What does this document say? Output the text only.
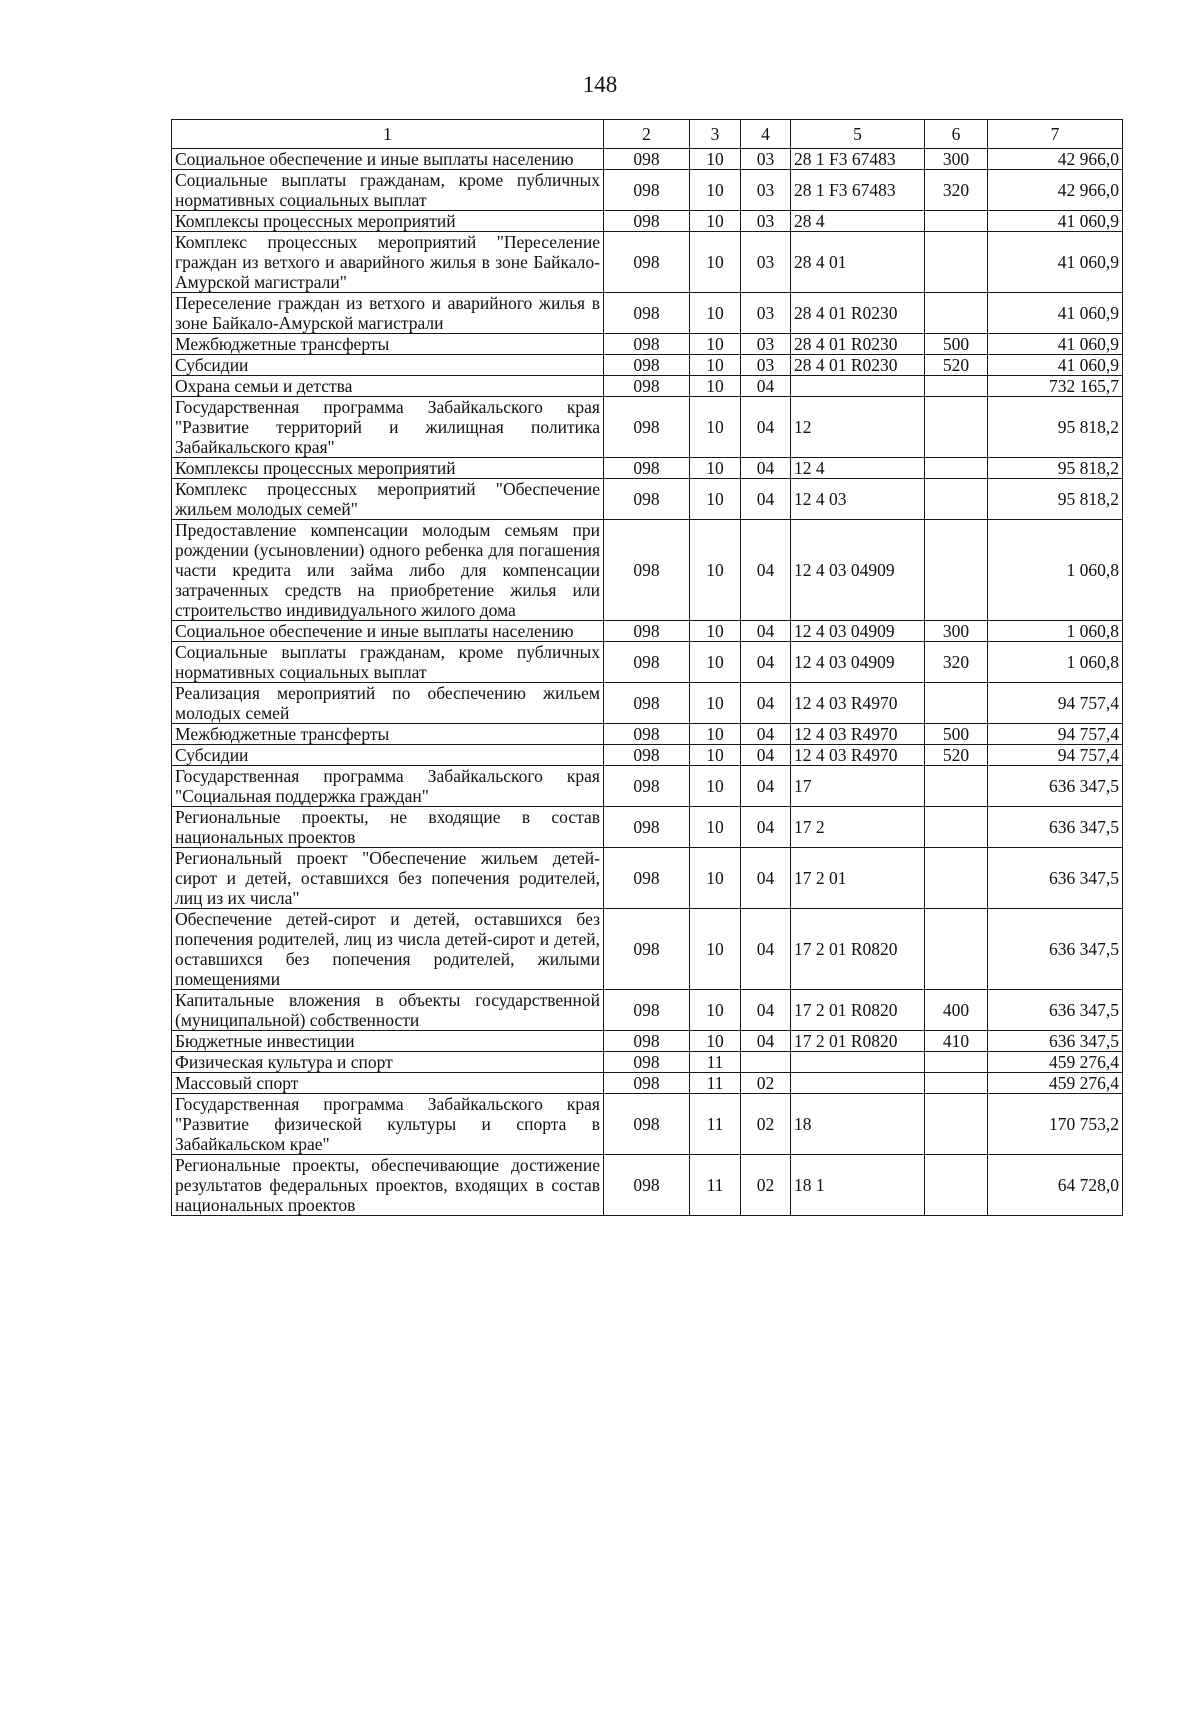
148
1	2	3	4	5	6	7
Социальное обеспечение и иные выплаты населению	098	10	03	28 1 F3 67483	300	42 966,0
Социальные выплаты гражданам, кроме публичных нормативных социальных выплат	098	10	03	28 1 F3 67483	320	42 966,0
Комплексы процессных мероприятий	098	10	03	28 4		41 060,9
Комплекс процессных мероприятий "Переселение граждан из ветхого и аварийного жилья в зоне Байкало-Амурской магистрали"	098	10	03	28 4 01		41 060,9
Переселение граждан из ветхого и аварийного жилья в зоне Байкало-Амурской магистрали	098	10	03	28 4 01 R0230		41 060,9
Межбюджетные трансферты	098	10	03	28 4 01 R0230	500	41 060,9
Субсидии	098	10	03	28 4 01 R0230	520	41 060,9
Охрана семьи и детства	098	10	04			732 165,7
Государственная программа Забайкальского края "Развитие территорий и жилищная политика Забайкальского края"	098	10	04	12		95 818,2
Комплексы процессных мероприятий	098	10	04	12 4		95 818,2
Комплекс процессных мероприятий "Обеспечение жильем молодых семей"	098	10	04	12 4 03		95 818,2
Предоставление компенсации молодым семьям при рождении (усыновлении) одного ребенка для погашения части кредита или займа либо для компенсации затраченных средств на приобретение жилья или строительство индивидуального жилого дома	098	10	04	12 4 03 04909		1 060,8
Социальное обеспечение и иные выплаты населению	098	10	04	12 4 03 04909	300	1 060,8
Социальные выплаты гражданам, кроме публичных нормативных социальных выплат	098	10	04	12 4 03 04909	320	1 060,8
Реализация мероприятий по обеспечению жильем молодых семей	098	10	04	12 4 03 R4970		94 757,4
Межбюджетные трансферты	098	10	04	12 4 03 R4970	500	94 757,4
Субсидии	098	10	04	12 4 03 R4970	520	94 757,4
Государственная программа Забайкальского края "Социальная поддержка граждан"	098	10	04	17		636 347,5
Региональные проекты, не входящие в состав национальных проектов	098	10	04	17 2		636 347,5
Региональный проект "Обеспечение жильем детей-сирот и детей, оставшихся без попечения родителей, лиц из их числа"	098	10	04	17 2 01		636 347,5
Обеспечение детей-сирот и детей, оставшихся без попечения родителей, лиц из числа детей-сирот и детей, оставшихся без попечения родителей, жилыми помещениями	098	10	04	17 2 01 R0820		636 347,5
Капитальные вложения в объекты государственной (муниципальной) собственности	098	10	04	17 2 01 R0820	400	636 347,5
Бюджетные инвестиции	098	10	04	17 2 01 R0820	410	636 347,5
Физическая культура и спорт	098	11				459 276,4
Массовый спорт	098	11	02			459 276,4
Государственная программа Забайкальского края "Развитие физической культуры и спорта в Забайкальском крае"	098	11	02	18		170 753,2
Региональные проекты, обеспечивающие достижение результатов федеральных проектов, входящих в состав национальных проектов	098	11	02	18 1		64 728,0
